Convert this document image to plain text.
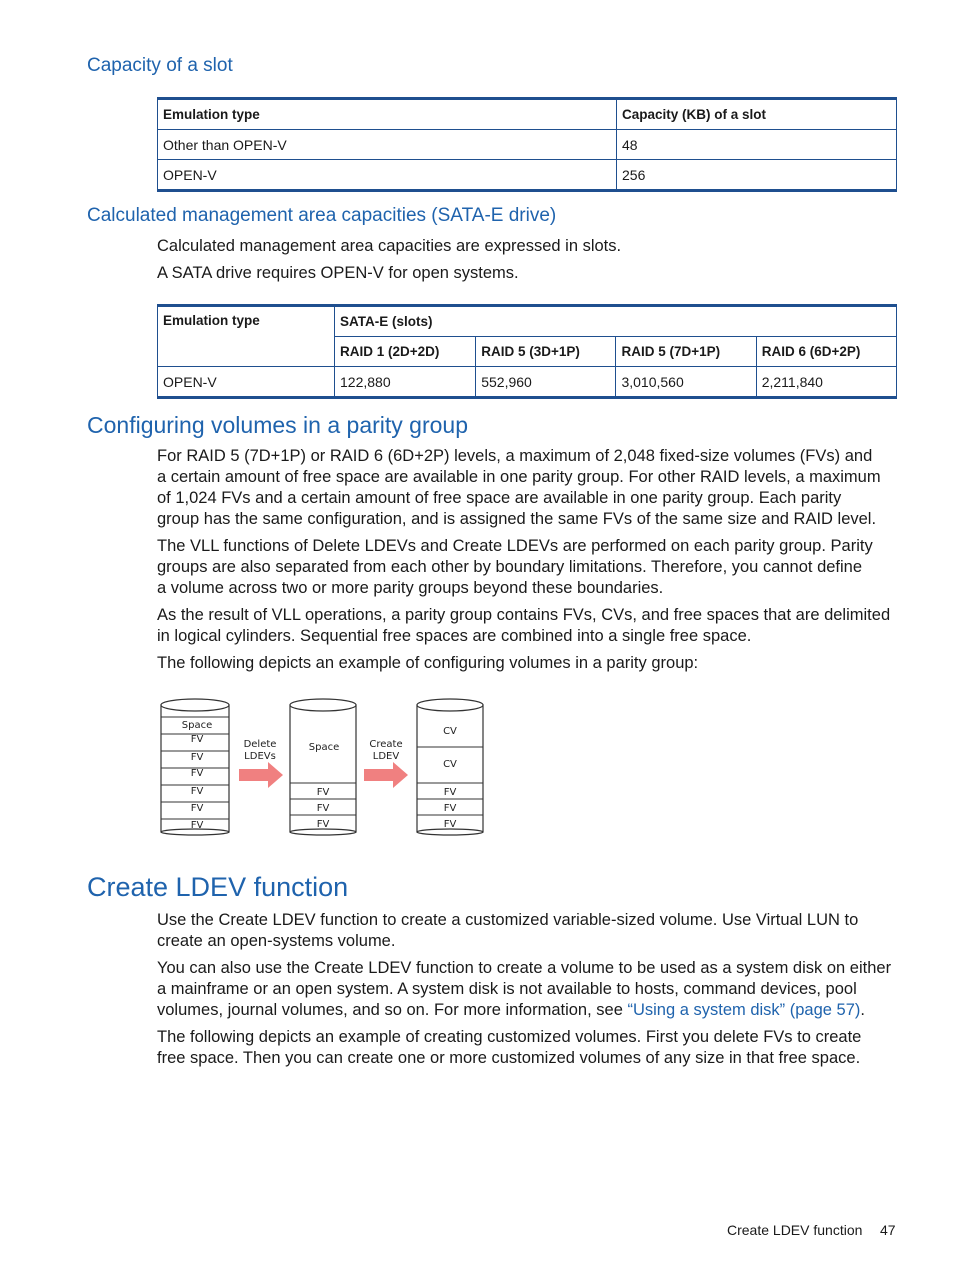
Capacity of a slot
Emulation type	Capacity (KB) of a slot
Other than OPEN-V	48
OPEN-V	256
Calculated management area capacities (SATA-E drive)

Calculated management area capacities are expressed in slots.

A SATA drive requires OPEN-V for open systems.

Emulation type	SATA-E (slots)			
	RAID 1 (2D+2D)	RAID 5 (3D+1P)	RAID 5 (7D+1P)	RAID 6 (6D+2P)
OPEN-V	122,880	552,960	3,010,560	2,211,840
Configuring volumes in a parity group
For RAID 5 (7D+1P) or RAID 6 (6D+2P) levels, a maximum of 2,048 fixed-size volumes (FVs) and
a certain amount of free space are available in one parity group. For other RAID levels, a maximum
of 1,024 FVs and a certain amount of free space are available in one parity group. Each parity
group has the same configuration, and is assigned the same FVs of the same size and RAID level.
The VLL functions of Delete LDEVs and Create LDEVs are performed on each parity group. Parity
groups are also separated from each other by boundary limitations. Therefore, you cannot define
a volume across two or more parity groups beyond these boundaries.
As the result of VLL operations, a parity group contains FVs, CVs, and free spaces that are delimited
in logical cylinders. Sequential free spaces are combined into a single free space.

The following depicts an example of configuring volumes in a parity group:

Space
FV
FV
FV
FV
FV
FV
Delete
LDEVs
Space
FV
FV
FV
Create
LDEV
CV
CV
FV
FV
FV
Create LDEV function
Use the Create LDEV function to create a customized variable-sized volume. Use Virtual LUN to
create an open-systems volume.
You can also use the Create LDEV function to create a volume to be used as a system disk on either
a mainframe or an open system. A system disk is not available to hosts, command devices, pool
volumes, journal volumes, and so on. For more information, see “Using a system disk” (page 57).
The following depicts an example of creating customized volumes. First you delete FVs to create
free space. Then you can create one or more customized volumes of any size in that free space.
Create LDEV function 47
